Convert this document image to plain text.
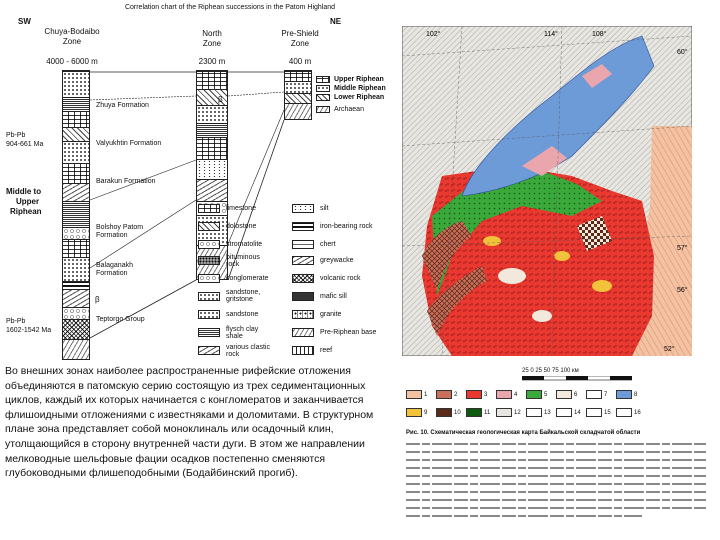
Correlation chart of the Riphean successions in the Patom Highland
SW	NE
Chuya-Bodaibo
Zone
4000 - 6000 m
North
Zone
2300 m
Pre-Shield
Zone
400 m
β
β
Upper Riphean
Middle Riphean
Lower Riphean
Archaean
Zhuya Formation
Valyukhtin Formation
Barakun Formation
Bolshoy Patom Formation
Balaganakh Formation
Teptorgo Group
Pb-Pb
904-661 Ma
Middle to
Upper
Riphean
Pb-Pb
1602-1542 Ma
limestone
dolostone
stromatolite
bituminous rock
conglomerate
sandstone, gritstone
sandstone
flysch clay shale
various clastic rock
silt
iron-bearing rock
chert
greywacke
volcanic rock
mafic sill
granite
Pre-Riphean base
reef
Во внешних зонах наиболее распространенные рифейские отложения объединяются в патомскую серию состоящую из трех седиментационных циклов, каждый их которых начинается с конгломератов и заканчивается флишоидными отложениями с известняками и доломитами. В структурном плане зона представляет собой моноклиналь или осадочный клин, утолщающийся в сторону внутренней части дуги. В этом же направлении мелководные шельфовые фации осадков постепенно сменяются глубоководными флишеподобными (Бодайбинский прогиб).
102°	114°	108°
60°
57°
56°
52°
25 0 25 50 75 100 км
1	2	3	4	5	6	7	8
9	10	11	12	13	14	15	16
Рис. 10. Схематическая геологическая карта Байкальской складчатой области
